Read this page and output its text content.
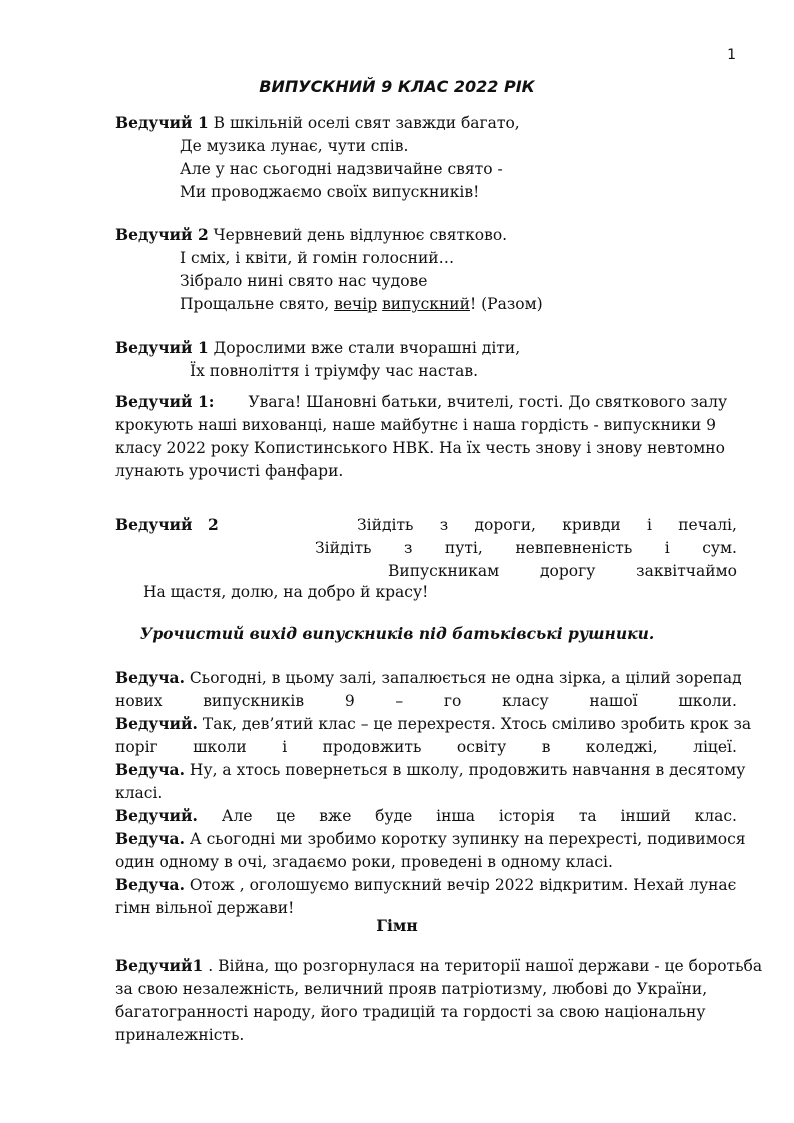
1
ВИПУСКНИЙ 9 КЛАС 2022 РІК
Ведучий 1 В шкільній оселі свят завжди багато,
Де музика лунає, чути спів.
Але у нас сьогодні надзвичайне свято -
Ми проводжаємо своїх випускників!
Ведучий 2 Червневий день відлунює святково.
І сміх, і квіти, й гомін голосний…
Зібрало нині свято нас чудове
Прощальне свято, вечір випускний! (Разом)
Ведучий 1 Дорослими вже стали вчорашні діти,
Їх повноліття і тріумфу час настав.
Ведучий 1: Увага! Шановні батьки, вчителі, гості. До святкового залу
крокують наші вихованці, наше майбутнє і наша гордість - випускники 9
класу 2022 року Копистинського НВК. На їх честь знову і знову невтомно
лунають урочисті фанфари.
Ведучий 2	Зійдіть з дороги, кривди і печалі,
Зійдіть з путі, невпевненість і сум.
Випускникам	дорогу	заквітчаймо
На щастя, долю, на добро й красу!
Урочистий вихід випускників під батьківські рушники.
Ведуча. Сьогодні, в цьому залі, запалюється не одна зірка, а цілий зорепад
нових	випускників	9	–	го	класу	нашої	школи.
Ведучий. Так, дев’ятий клас – це перехрестя. Хтось сміливо зробить крок за
поріг школи і продовжить освіту в коледжі, ліцеї.
Ведуча. Ну, а хтось повернеться в школу, продовжить навчання в десятому
класі.
Ведучий. Але це вже буде інша історія та інший клас.
Ведуча. А сьогодні ми зробимо коротку зупинку на перехресті, подивимося
один одному в очі, згадаємо роки, проведені в одному класі.
Ведуча. Отож , оголошуємо випускний вечір 2022 відкритим. Нехай лунає
гімн вільної держави!
Гімн
Ведучий1 . Війна, що розгорнулася на території нашої держави - це боротьба
за свою незалежність, величний прояв патріотизму, любові до України,
багатогранності народу, його традицій та гордості за свою національну
приналежність.
